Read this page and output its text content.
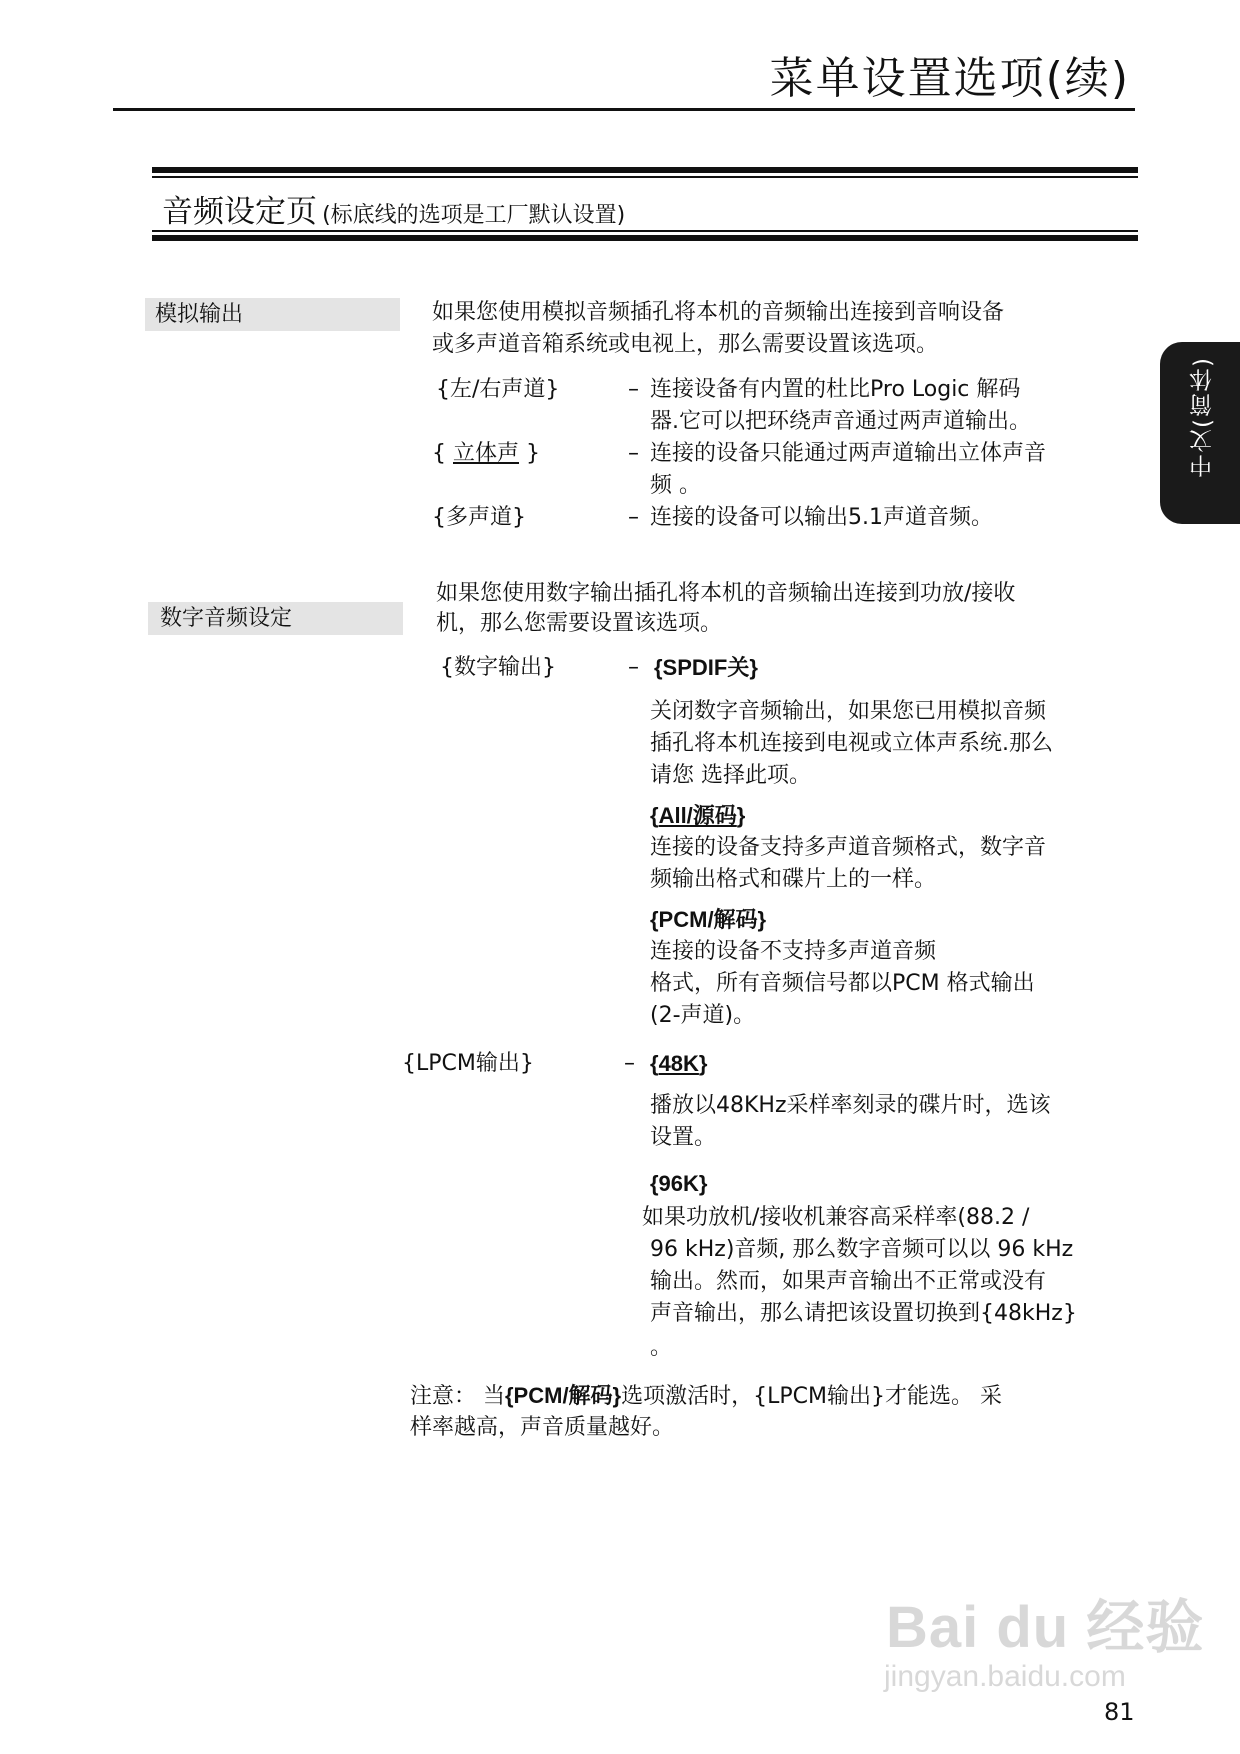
菜单设置选项(续)
音频设定页 (标底线的选项是工厂默认设置)
中文(简体)
模拟输出	如果您使用模拟音频插孔将本机的音频输出连接到音响设备
或多声道音箱系统或电视上，那么需要设置该选项。
{左/右声道}	– 连接设备有内置的杜比Pro Logic 解码
器.它可以把环绕声音通过两声道输出。
{ 立体声 }	– 连接的设备只能通过两声道输出立体声音
频 。
{多声道}	– 连接的设备可以输出5.1声道音频。
如果您使用数字输出插孔将本机的音频输出连接到功放/接收
数字音频设定	机，那么您需要设置该选项。
{数字输出}	– {SPDIF关}
关闭数字音频输出，如果您已用模拟音频
插孔将本机连接到电视或立体声系统.那么
请您 选择此项。
{All/源码}
连接的设备支持多声道音频格式，数字音
频输出格式和碟片上的一样。
{PCM/解码}
连接的设备不支持多声道音频
格式，所有音频信号都以PCM 格式输出
(2-声道)。
{LPCM输出}	– {48K}
播放以48KHz采样率刻录的碟片时，选该
设置。
{96K}
如果功放机/接收机兼容高采样率(88.2 /
96 kHz)音频, 那么数字音频可以以 96 kHz
输出。然而，如果声音输出不正常或没有
声音输出，那么请把该设置切换到{48kHz}
。
注意： 当{PCM/解码}选项激活时，{LPCM输出}才能选。 采
样率越高，声音质量越好。
Bai du 经验
jingyan.baidu.com
81
